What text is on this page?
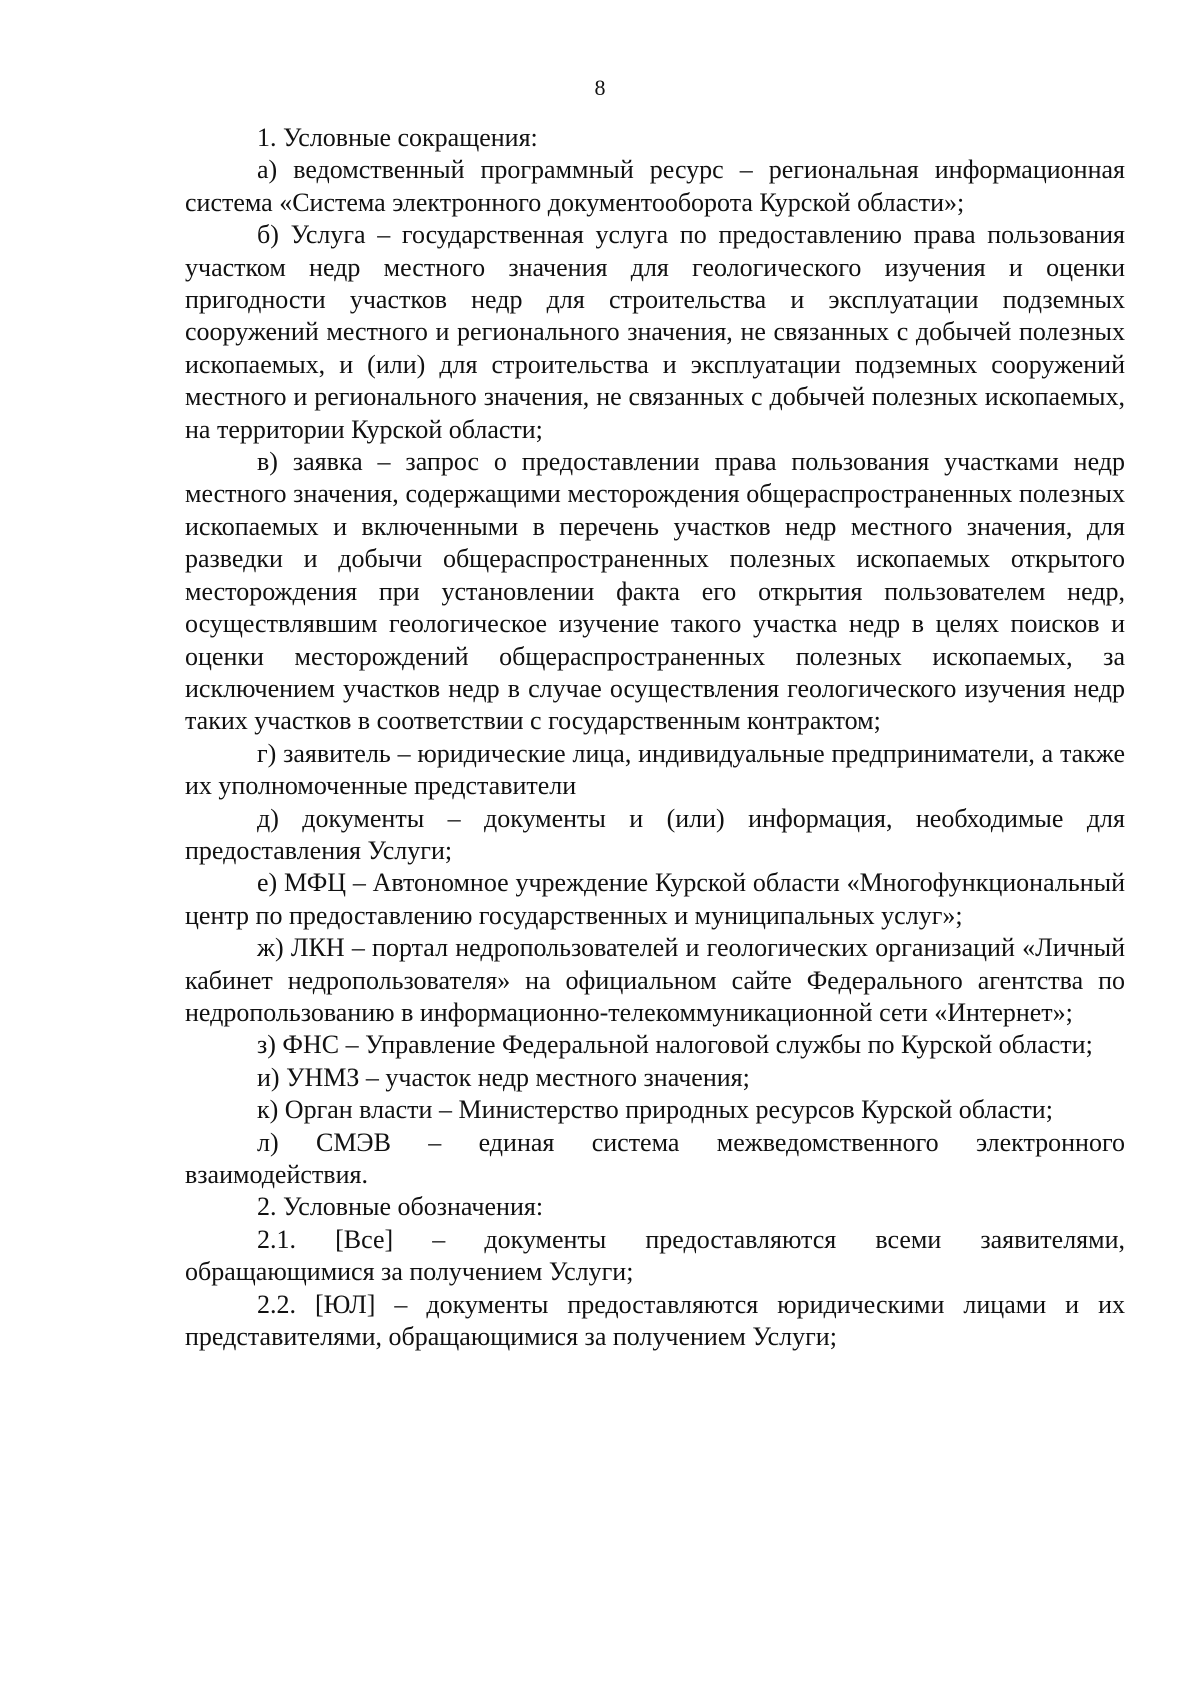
8

1. Условные сокращения:

а) ведомственный программный ресурс – региональная информационная система «Система электронного документооборота Курской области»;

б) Услуга – государственная услуга по предоставлению права пользования участком недр местного значения для геологического изучения и оценки пригодности участков недр для строительства и эксплуатации подземных сооружений местного и регионального значения, не связанных с добычей полезных ископаемых, и (или) для строительства и эксплуатации подземных сооружений местного и регионального значения, не связанных с добычей полезных ископаемых, на территории Курской области;

в) заявка – запрос о предоставлении права пользования участками недр местного значения, содержащими месторождения общераспространенных полезных ископаемых и включенными в перечень участков недр местного значения, для разведки и добычи общераспространенных полезных ископаемых открытого месторождения при установлении факта его открытия пользователем недр, осуществлявшим геологическое изучение такого участка недр в целях поисков и оценки месторождений общераспространенных полезных ископаемых, за исключением участков недр в случае осуществления геологического изучения недр таких участков в соответствии с государственным контрактом;

г) заявитель – юридические лица, индивидуальные предприниматели, а также их уполномоченные представители

д) документы – документы и (или) информация, необходимые для предоставления Услуги;

е) МФЦ – Автономное учреждение Курской области «Многофункциональный центр по предоставлению государственных и муниципальных услуг»;

ж) ЛКН – портал недропользователей и геологических организаций «Личный кабинет недропользователя» на официальном сайте Федерального агентства по недропользованию в информационно-телекоммуникационной сети «Интернет»;

з) ФНС – Управление Федеральной налоговой службы по Курской области;

и) УНМЗ – участок недр местного значения;

к) Орган власти – Министерство природных ресурсов Курской области;

л) СМЭВ – единая система межведомственного электронного взаимодействия.

2. Условные обозначения:

2.1. [Все] – документы предоставляются всеми заявителями, обращающимися за получением Услуги;

2.2. [ЮЛ] – документы предоставляются юридическими лицами и их представителями, обращающимися за получением Услуги;
